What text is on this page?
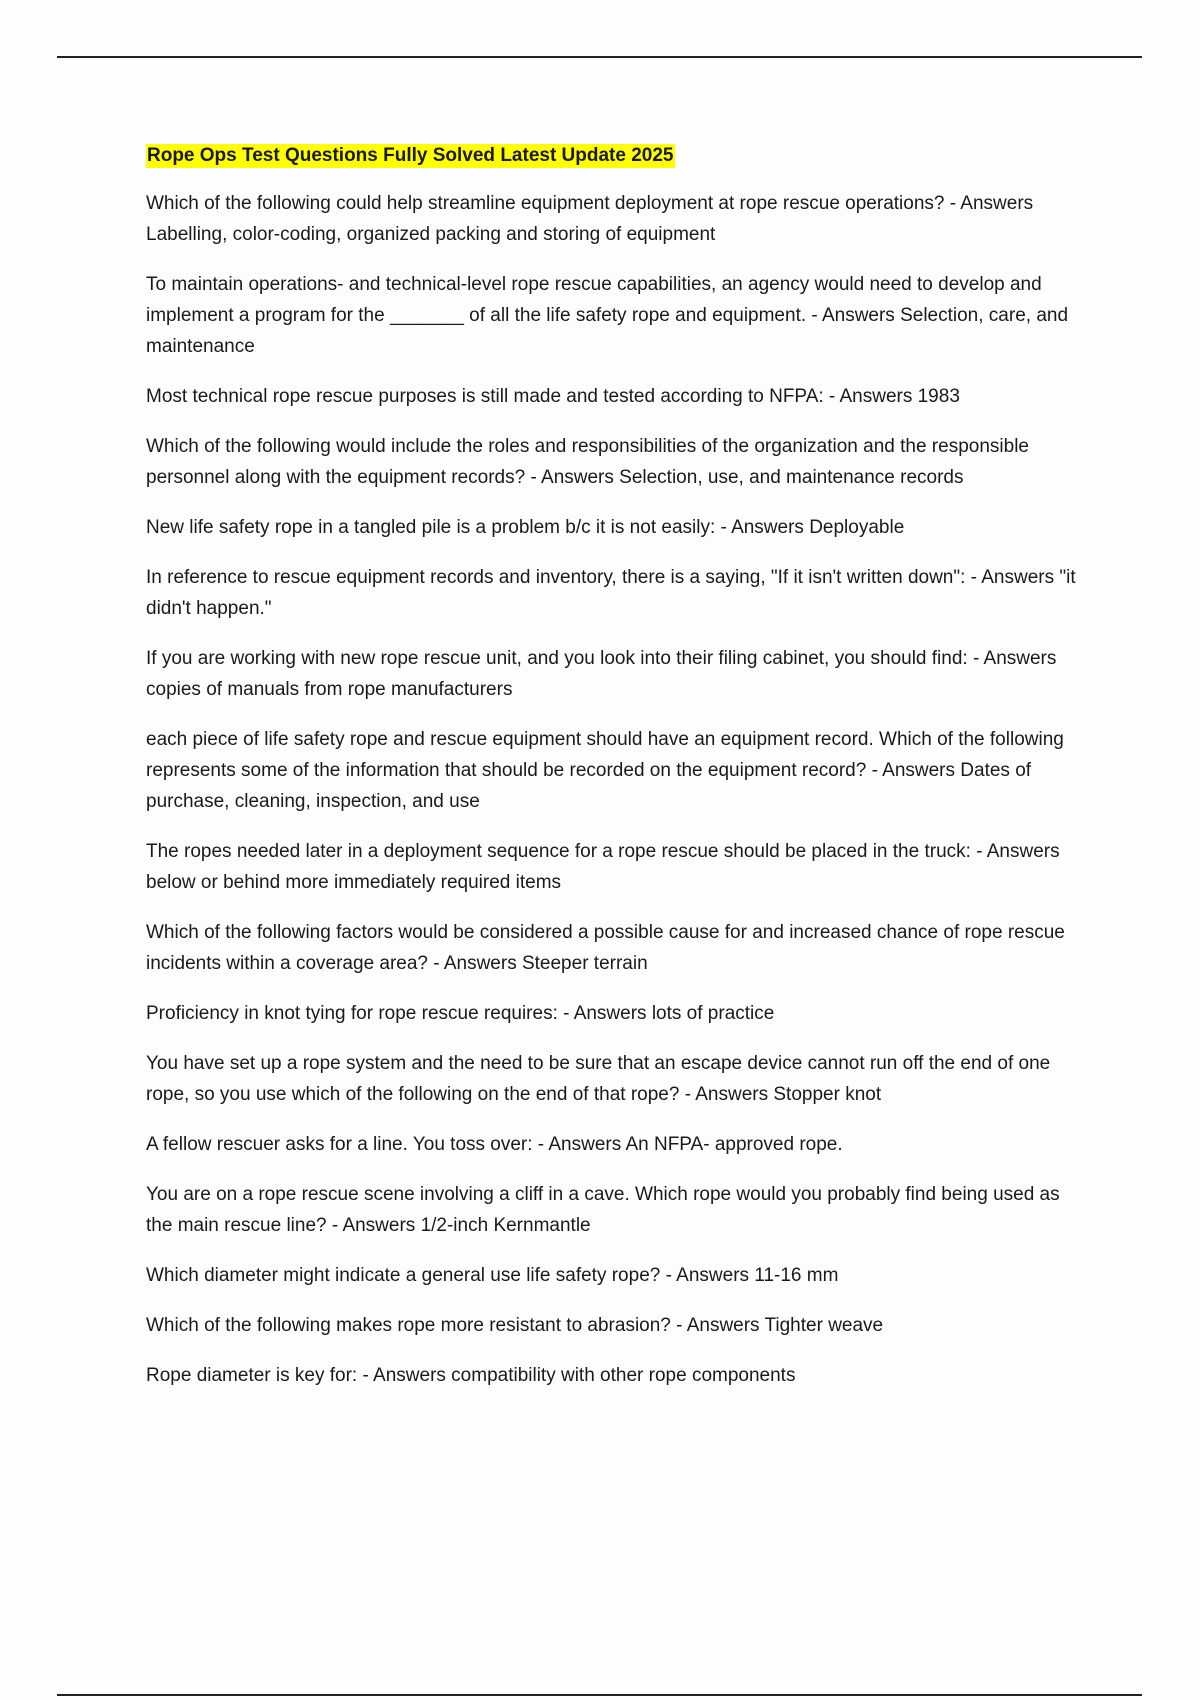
Rope Ops Test Questions Fully Solved Latest Update 2025

Which of the following could help streamline equipment deployment at rope rescue operations? - Answers Labelling, color-coding, organized packing and storing of equipment

To maintain operations- and technical-level rope rescue capabilities, an agency would need to develop and implement a program for the _______ of all the life safety rope and equipment. - Answers Selection, care, and maintenance

Most technical rope rescue purposes is still made and tested according to NFPA: - Answers 1983

Which of the following would include the roles and responsibilities of the organization and the responsible personnel along with the equipment records? - Answers Selection, use, and maintenance records

New life safety rope in a tangled pile is a problem b/c it is not easily: - Answers Deployable

In reference to rescue equipment records and inventory, there is a saying, "If it isn't written down": - Answers "it didn't happen."

If you are working with new rope rescue unit, and you look into their filing cabinet, you should find: - Answers copies of manuals from rope manufacturers

each piece of life safety rope and rescue equipment should have an equipment record. Which of the following represents some of the information that should be recorded on the equipment record? - Answers Dates of purchase, cleaning, inspection, and use

The ropes needed later in a deployment sequence for a rope rescue should be placed in the truck: - Answers below or behind more immediately required items

Which of the following factors would be considered a possible cause for and increased chance of rope rescue incidents within a coverage area? - Answers Steeper terrain

Proficiency in knot tying for rope rescue requires: - Answers lots of practice

You have set up a rope system and the need to be sure that an escape device cannot run off the end of one rope, so you use which of the following on the end of that rope? - Answers Stopper knot

A fellow rescuer asks for a line. You toss over: - Answers An NFPA- approved rope.

You are on a rope rescue scene involving a cliff in a cave. Which rope would you probably find being used as the main rescue line? - Answers 1/2-inch Kernmantle

Which diameter might indicate a general use life safety rope? - Answers 11-16 mm

Which of the following makes rope more resistant to abrasion? - Answers Tighter weave

Rope diameter is key for: - Answers compatibility with other rope components
